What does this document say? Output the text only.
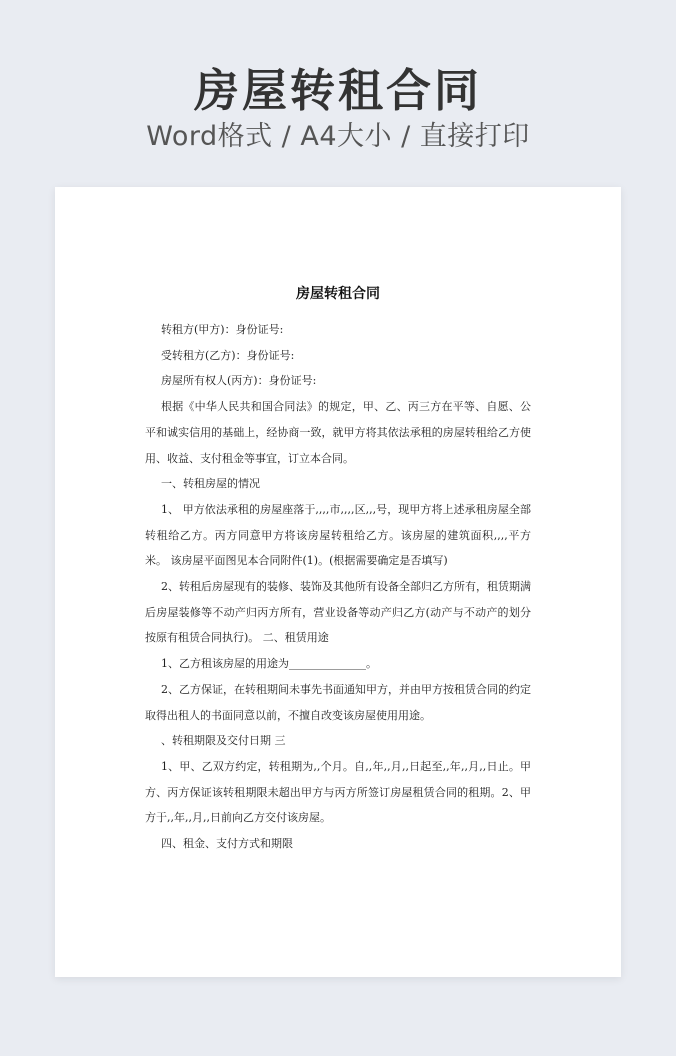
房屋转租合同
Word格式 / A4大小 / 直接打印
房屋转租合同

转租方(甲方)：身份证号:

受转租方(乙方)：身份证号:

房屋所有权人(丙方)：身份证号:

根据《中华人民共和国合同法》的规定，甲、乙、丙三方在平等、自愿、公平和诚实信用的基础上，经协商一致，就甲方将其依法承租的房屋转租给乙方使用、收益、支付租金等事宜，订立本合同。

一、转租房屋的情况

1、 甲方依法承租的房屋座落于,,,,市,,,,区,,,号，现甲方将上述承租房屋全部转租给乙方。丙方同意甲方将该房屋转租给乙方。该房屋的建筑面积,,,,平方米。 该房屋平面图见本合同附件(1)。(根据需要确定是否填写)

2、转租后房屋现有的装修、装饰及其他所有设备全部归乙方所有，租赁期满后房屋装修等不动产归丙方所有，营业设备等动产归乙方(动产与不动产的划分按原有租赁合同执行)。 二、租赁用途

1、乙方租该房屋的用途为______________。

2、乙方保证，在转租期间未事先书面通知甲方，并由甲方按租赁合同的约定取得出租人的书面同意以前，不擅自改变该房屋使用用途。

、转租期限及交付日期 三

1、甲、乙双方约定，转租期为,,个月。自,,年,,月,,日起至,,年,,月,,日止。甲方、丙方保证该转租期限未超出甲方与丙方所签订房屋租赁合同的租期。2、甲方于,,年,,月,,日前向乙方交付该房屋。

四、租金、支付方式和期限
